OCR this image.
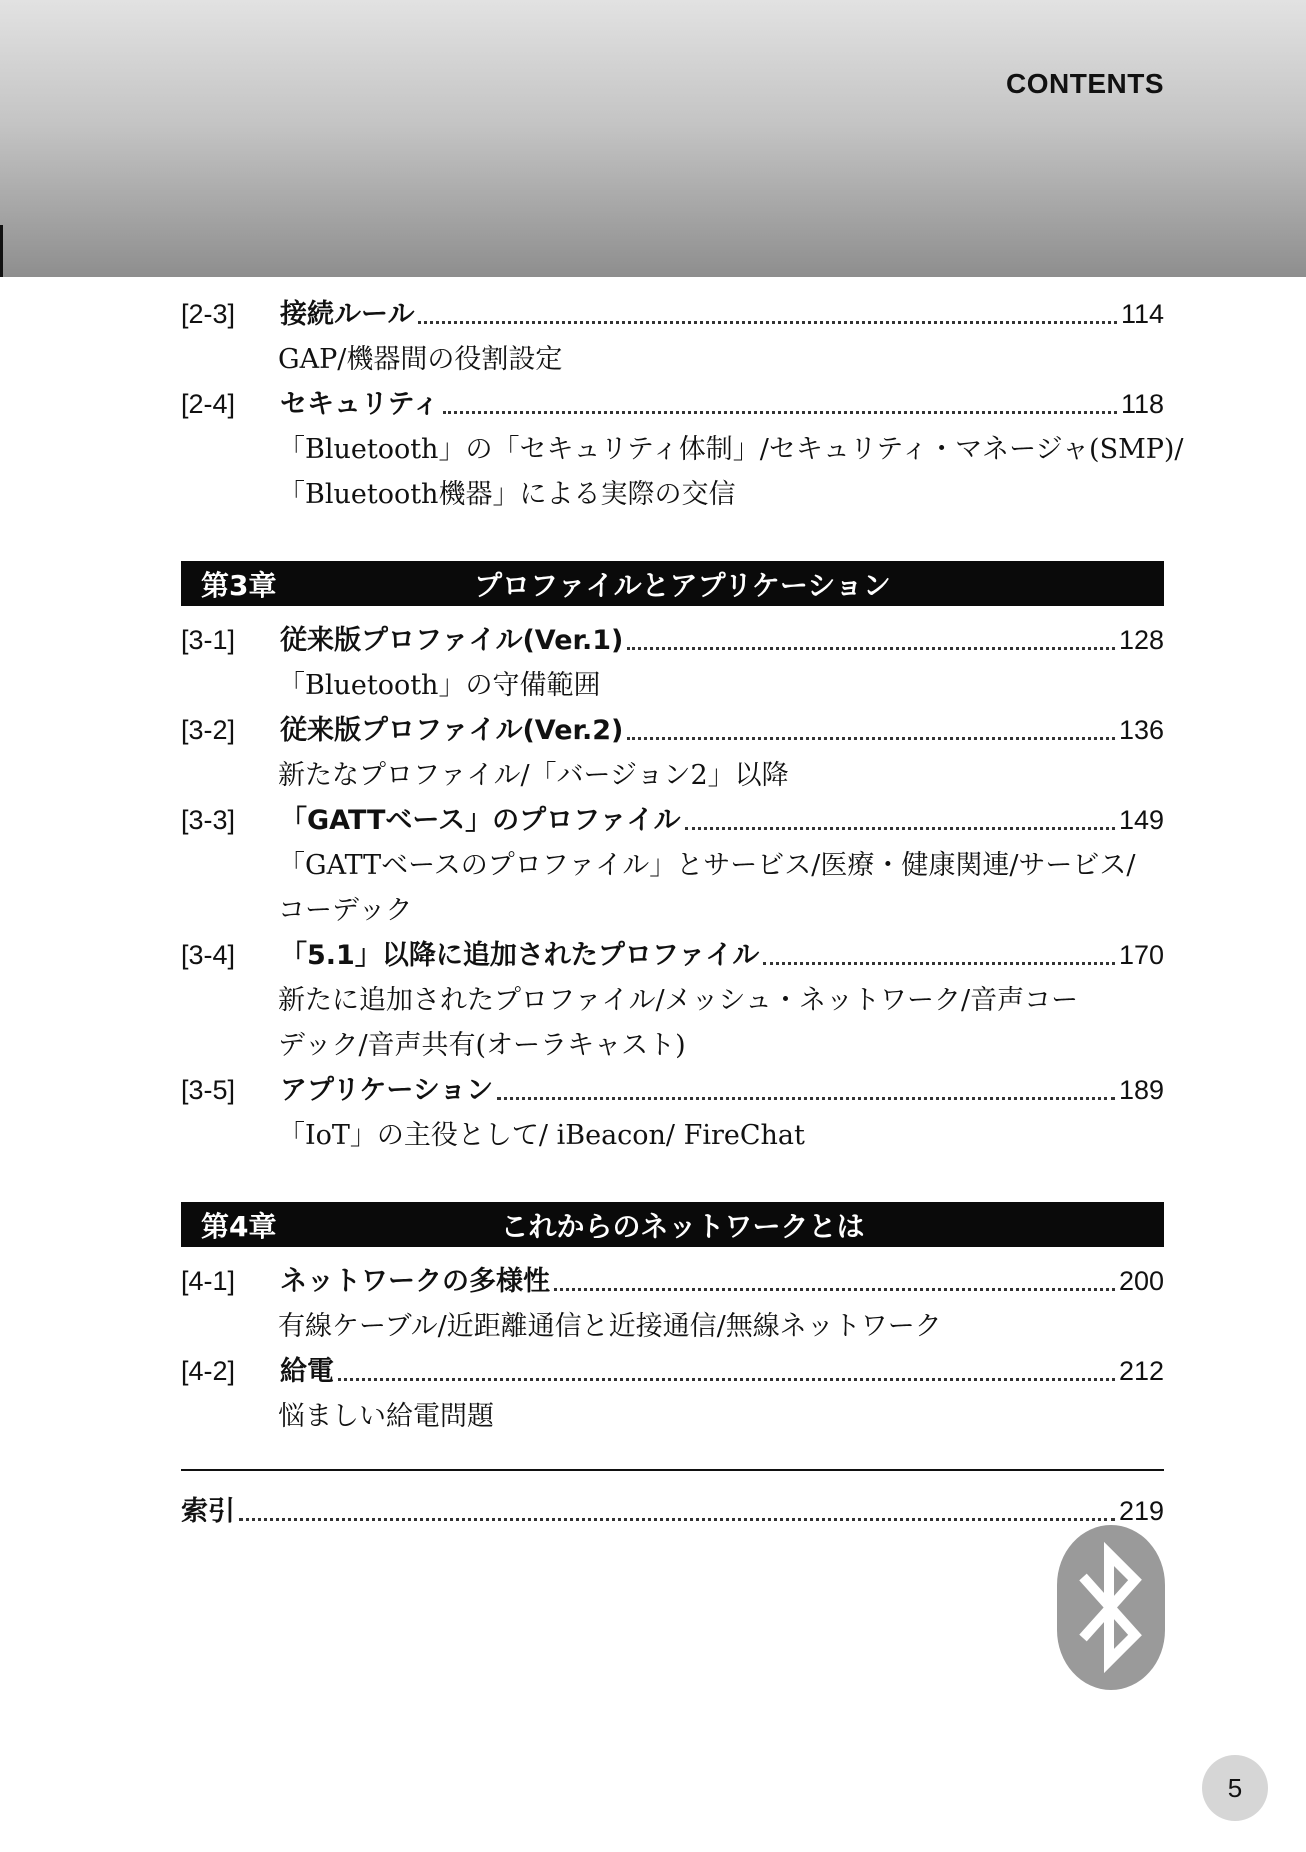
CONTENTS
[2-3]	接続ルール	114
GAP/機器間の役割設定
[2-4]	セキュリティ	118
「Bluetooth」の「セキュリティ体制」/セキュリティ・マネージャ(SMP)/
「Bluetooth機器」による実際の交信
第3章	プロファイルとアプリケーション
[3-1]	従来版プロファイル(Ver.1)	128
「Bluetooth」の守備範囲
[3-2]	従来版プロファイル(Ver.2)	136
新たなプロファイル/「バージョン2」以降
[3-3]	「GATTベース」のプロファイル	149
「GATTベースのプロファイル」とサービス/医療・健康関連/サービス/
コーデック
[3-4]	「5.1」以降に追加されたプロファイル	170
新たに追加されたプロファイル/メッシュ・ネットワーク/音声コー
デック/音声共有(オーラキャスト)
[3-5]	アプリケーション	189
「IoT」の主役として/ iBeacon/ FireChat
第4章	これからのネットワークとは
[4-1]	ネットワークの多様性	200
有線ケーブル/近距離通信と近接通信/無線ネットワーク
[4-2]	給電	212
悩ましい給電問題
索引	219
5
